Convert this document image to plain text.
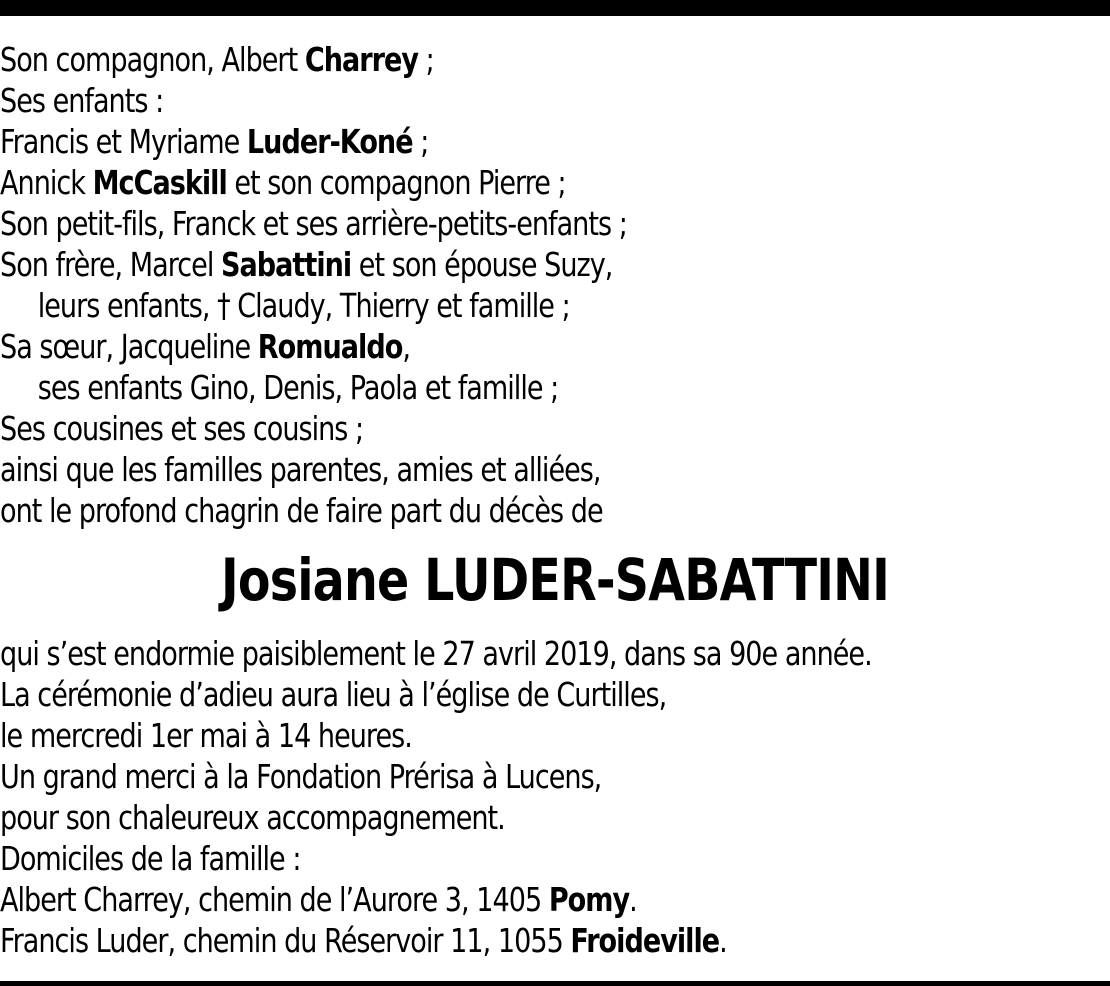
Son compagnon, Albert Charrey ;
Ses enfants :
Francis et Myriame Luder-Koné ;
Annick McCaskill et son compagnon Pierre ;
Son petit-fils, Franck et ses arrière-petits-enfants ;
Son frère, Marcel Sabattini et son épouse Suzy,
leurs enfants, † Claudy, Thierry et famille ;
Sa sœur, Jacqueline Romualdo,
ses enfants Gino, Denis, Paola et famille ;
Ses cousines et ses cousins ;
ainsi que les familles parentes, amies et alliées,
ont le profond chagrin de faire part du décès de
Josiane LUDER-SABATTINI
qui s’est endormie paisiblement le 27 avril 2019, dans sa 90e année.
La cérémonie d’adieu aura lieu à l’église de Curtilles,
le mercredi 1er mai à 14 heures.
Un grand merci à la Fondation Prérisa à Lucens,
pour son chaleureux accompagnement.
Domiciles de la famille :
Albert Charrey, chemin de l’Aurore 3, 1405 Pomy.
Francis Luder, chemin du Réservoir 11, 1055 Froideville.
